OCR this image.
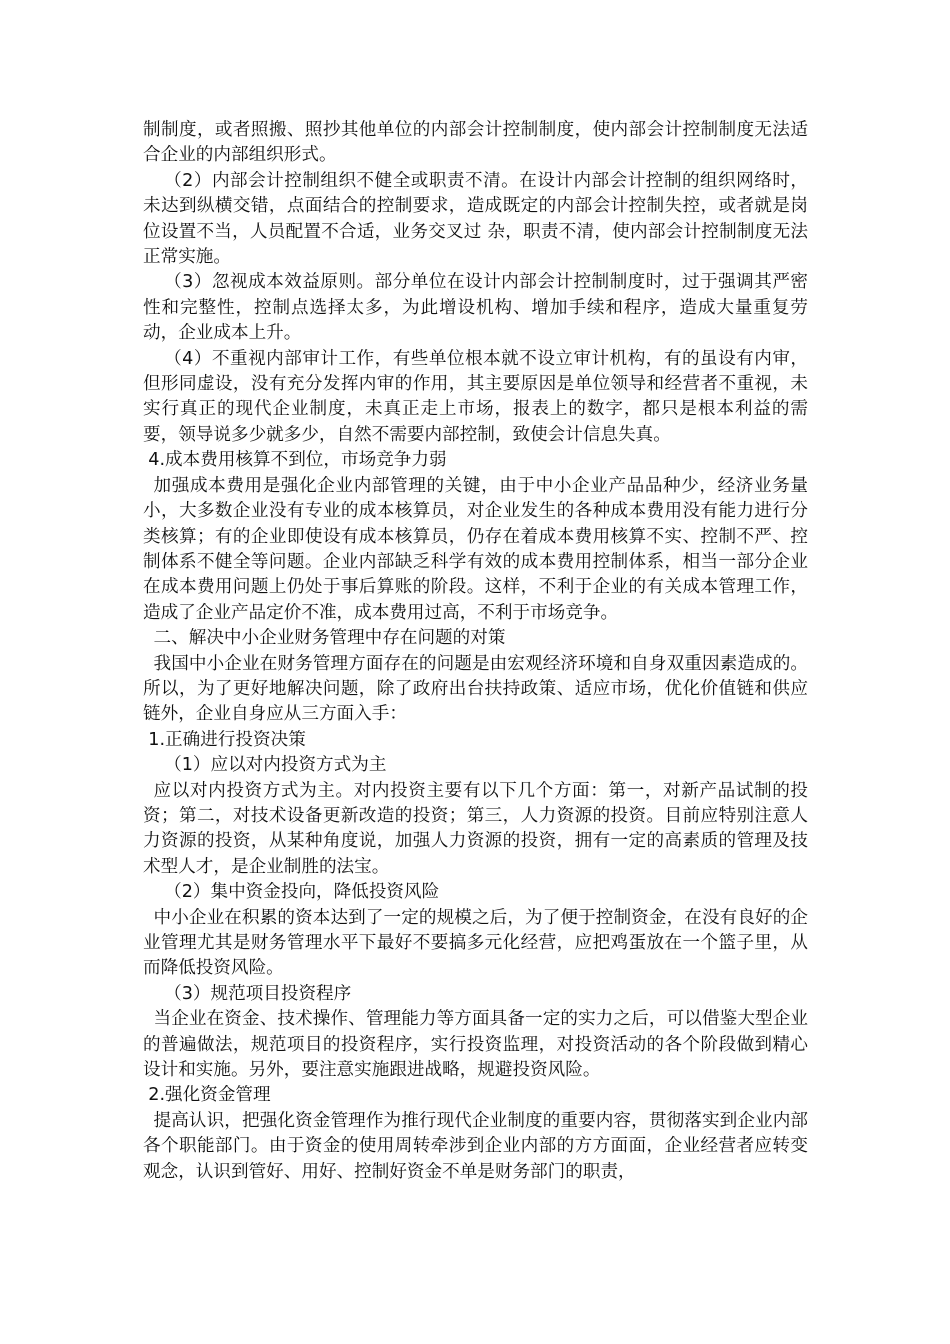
制制度，或者照搬、照抄其他单位的内部会计控制制度，使内部会计控制制度无法适合企业的内部组织形式。

（2）内部会计控制组织不健全或职责不清。在设计内部会计控制的组织网络时，未达到纵横交错，点面结合的控制要求，造成既定的内部会计控制失控，或者就是岗位设置不当，人员配置不合适，业务交叉过 杂，职责不清，使内部会计控制制度无法正常实施。

（3）忽视成本效益原则。部分单位在设计内部会计控制制度时，过于强调其严密性和完整性，控制点选择太多，为此增设机构、增加手续和程序，造成大量重复劳动，企业成本上升。

（4）不重视内部审计工作，有些单位根本就不设立审计机构，有的虽设有内审，但形同虚设，没有充分发挥内审的作用，其主要原因是单位领导和经营者不重视，未实行真正的现代企业制度，未真正走上市场，报表上的数字，都只是根本利益的需要，领导说多少就多少，自然不需要内部控制，致使会计信息失真。

4.成本费用核算不到位，市场竞争力弱

加强成本费用是强化企业内部管理的关键，由于中小企业产品品种少，经济业务量小，大多数企业没有专业的成本核算员，对企业发生的各种成本费用没有能力进行分类核算；有的企业即使设有成本核算员，仍存在着成本费用核算不实、控制不严、控制体系不健全等问题。企业内部缺乏科学有效的成本费用控制体系，相当一部分企业在成本费用问题上仍处于事后算账的阶段。这样，不利于企业的有关成本管理工作，造成了企业产品定价不准，成本费用过高，不利于市场竞争。

二、解决中小企业财务管理中存在问题的对策

我国中小企业在财务管理方面存在的问题是由宏观经济环境和自身双重因素造成的。所以，为了更好地解决问题，除了政府出台扶持政策、适应市场，优化价值链和供应链外，企业自身应从三方面入手：

1.正确进行投资决策

（1）应以对内投资方式为主

应以对内投资方式为主。对内投资主要有以下几个方面：第一，对新产品试制的投资；第二，对技术设备更新改造的投资；第三，人力资源的投资。目前应特别注意人力资源的投资，从某种角度说，加强人力资源的投资，拥有一定的高素质的管理及技术型人才，是企业制胜的法宝。

（2）集中资金投向，降低投资风险

中小企业在积累的资本达到了一定的规模之后，为了便于控制资金，在没有良好的企业管理尤其是财务管理水平下最好不要搞多元化经营，应把鸡蛋放在一个篮子里，从而降低投资风险。

（3）规范项目投资程序

当企业在资金、技术操作、管理能力等方面具备一定的实力之后，可以借鉴大型企业的普遍做法，规范项目的投资程序，实行投资监理，对投资活动的各个阶段做到精心设计和实施。另外，要注意实施跟进战略，规避投资风险。

2.强化资金管理

提高认识，把强化资金管理作为推行现代企业制度的重要内容，贯彻落实到企业内部各个职能部门。由于资金的使用周转牵涉到企业内部的方方面面，企业经营者应转变观念，认识到管好、用好、控制好资金不单是财务部门的职责，
